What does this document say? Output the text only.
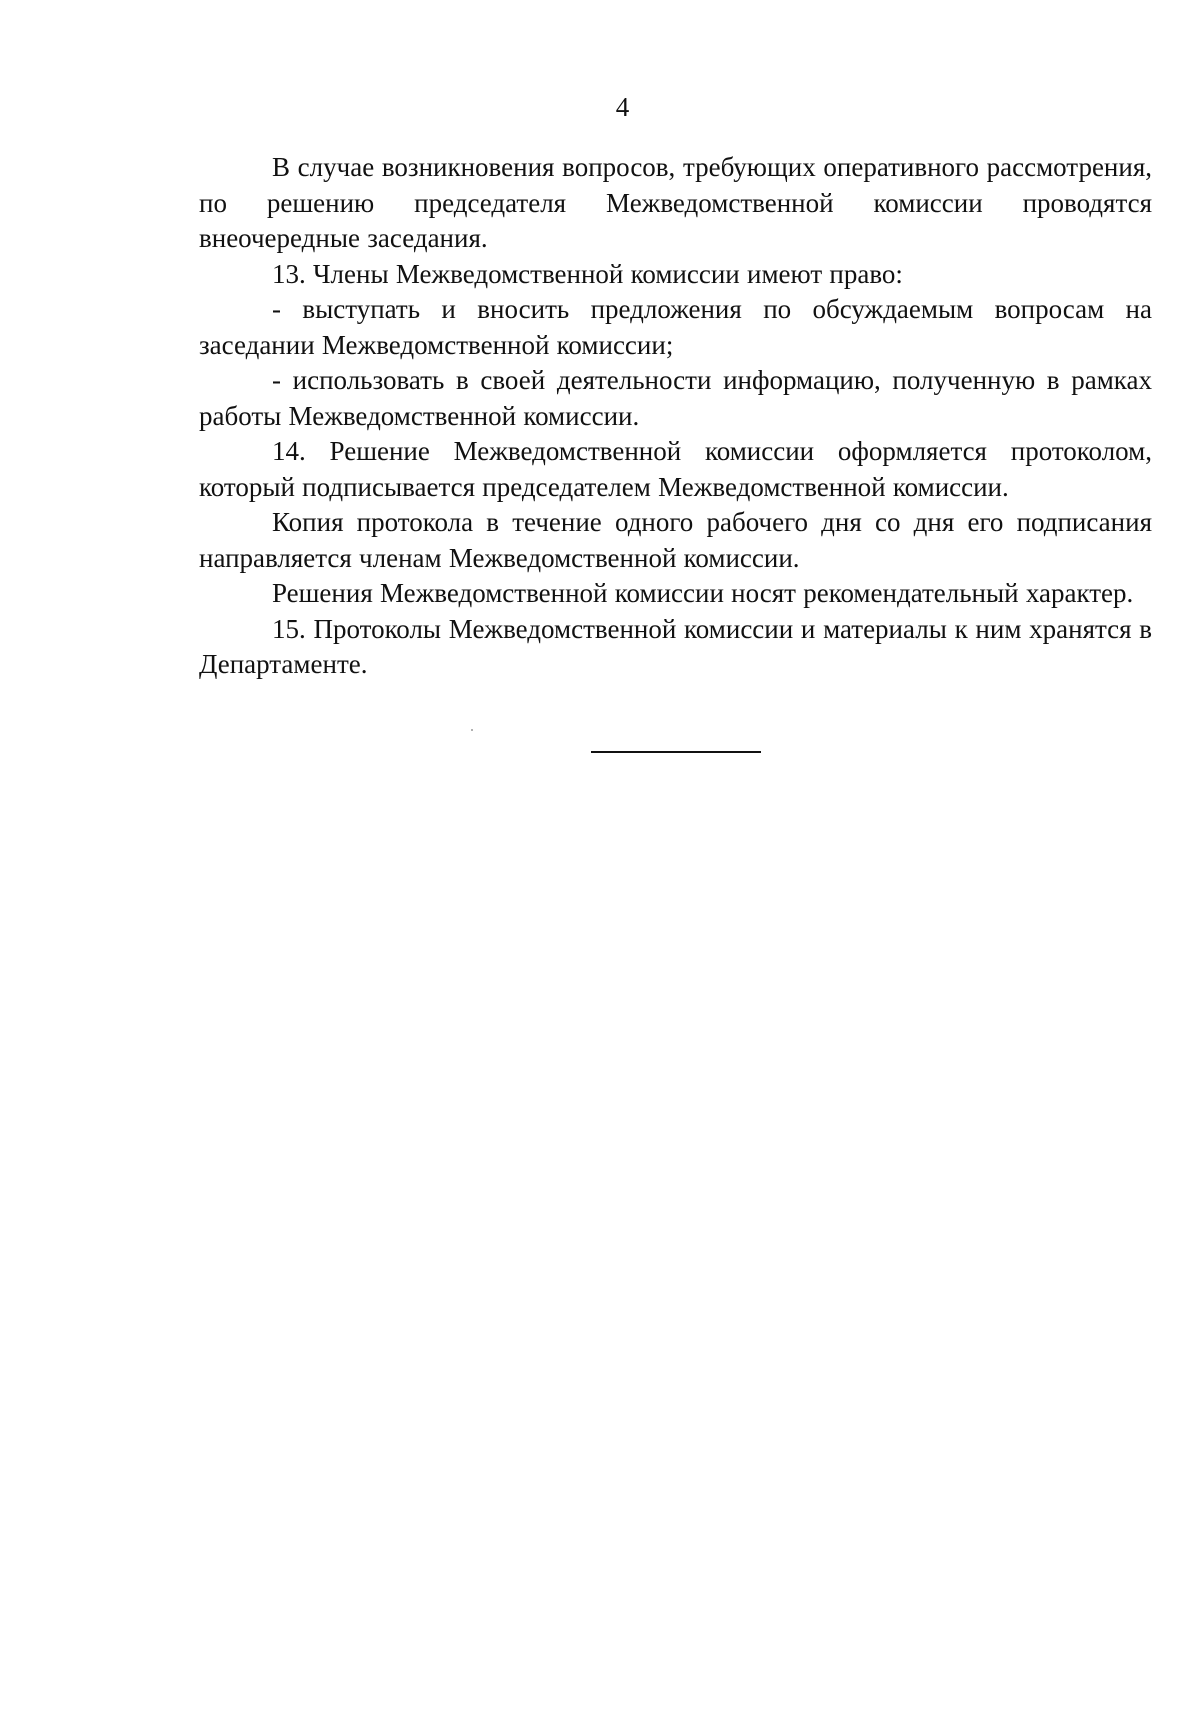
4

В случае возникновения вопросов, требующих оперативного рассмотрения, по решению председателя Межведомственной комиссии проводятся внеочередные заседания.

13. Члены Межведомственной комиссии имеют право:

- выступать и вносить предложения по обсуждаемым вопросам на заседании Межведомственной комиссии;

- использовать в своей деятельности информацию, полученную в рамках работы Межведомственной комиссии.

14. Решение Межведомственной комиссии оформляется протоколом, который подписывается председателем Межведомственной комиссии.

Копия протокола в течение одного рабочего дня со дня его подписания направляется членам Межведомственной комиссии.

Решения Межведомственной комиссии носят рекомендательный характер.

15. Протоколы Межведомственной комиссии и материалы к ним хранятся в Департаменте.
